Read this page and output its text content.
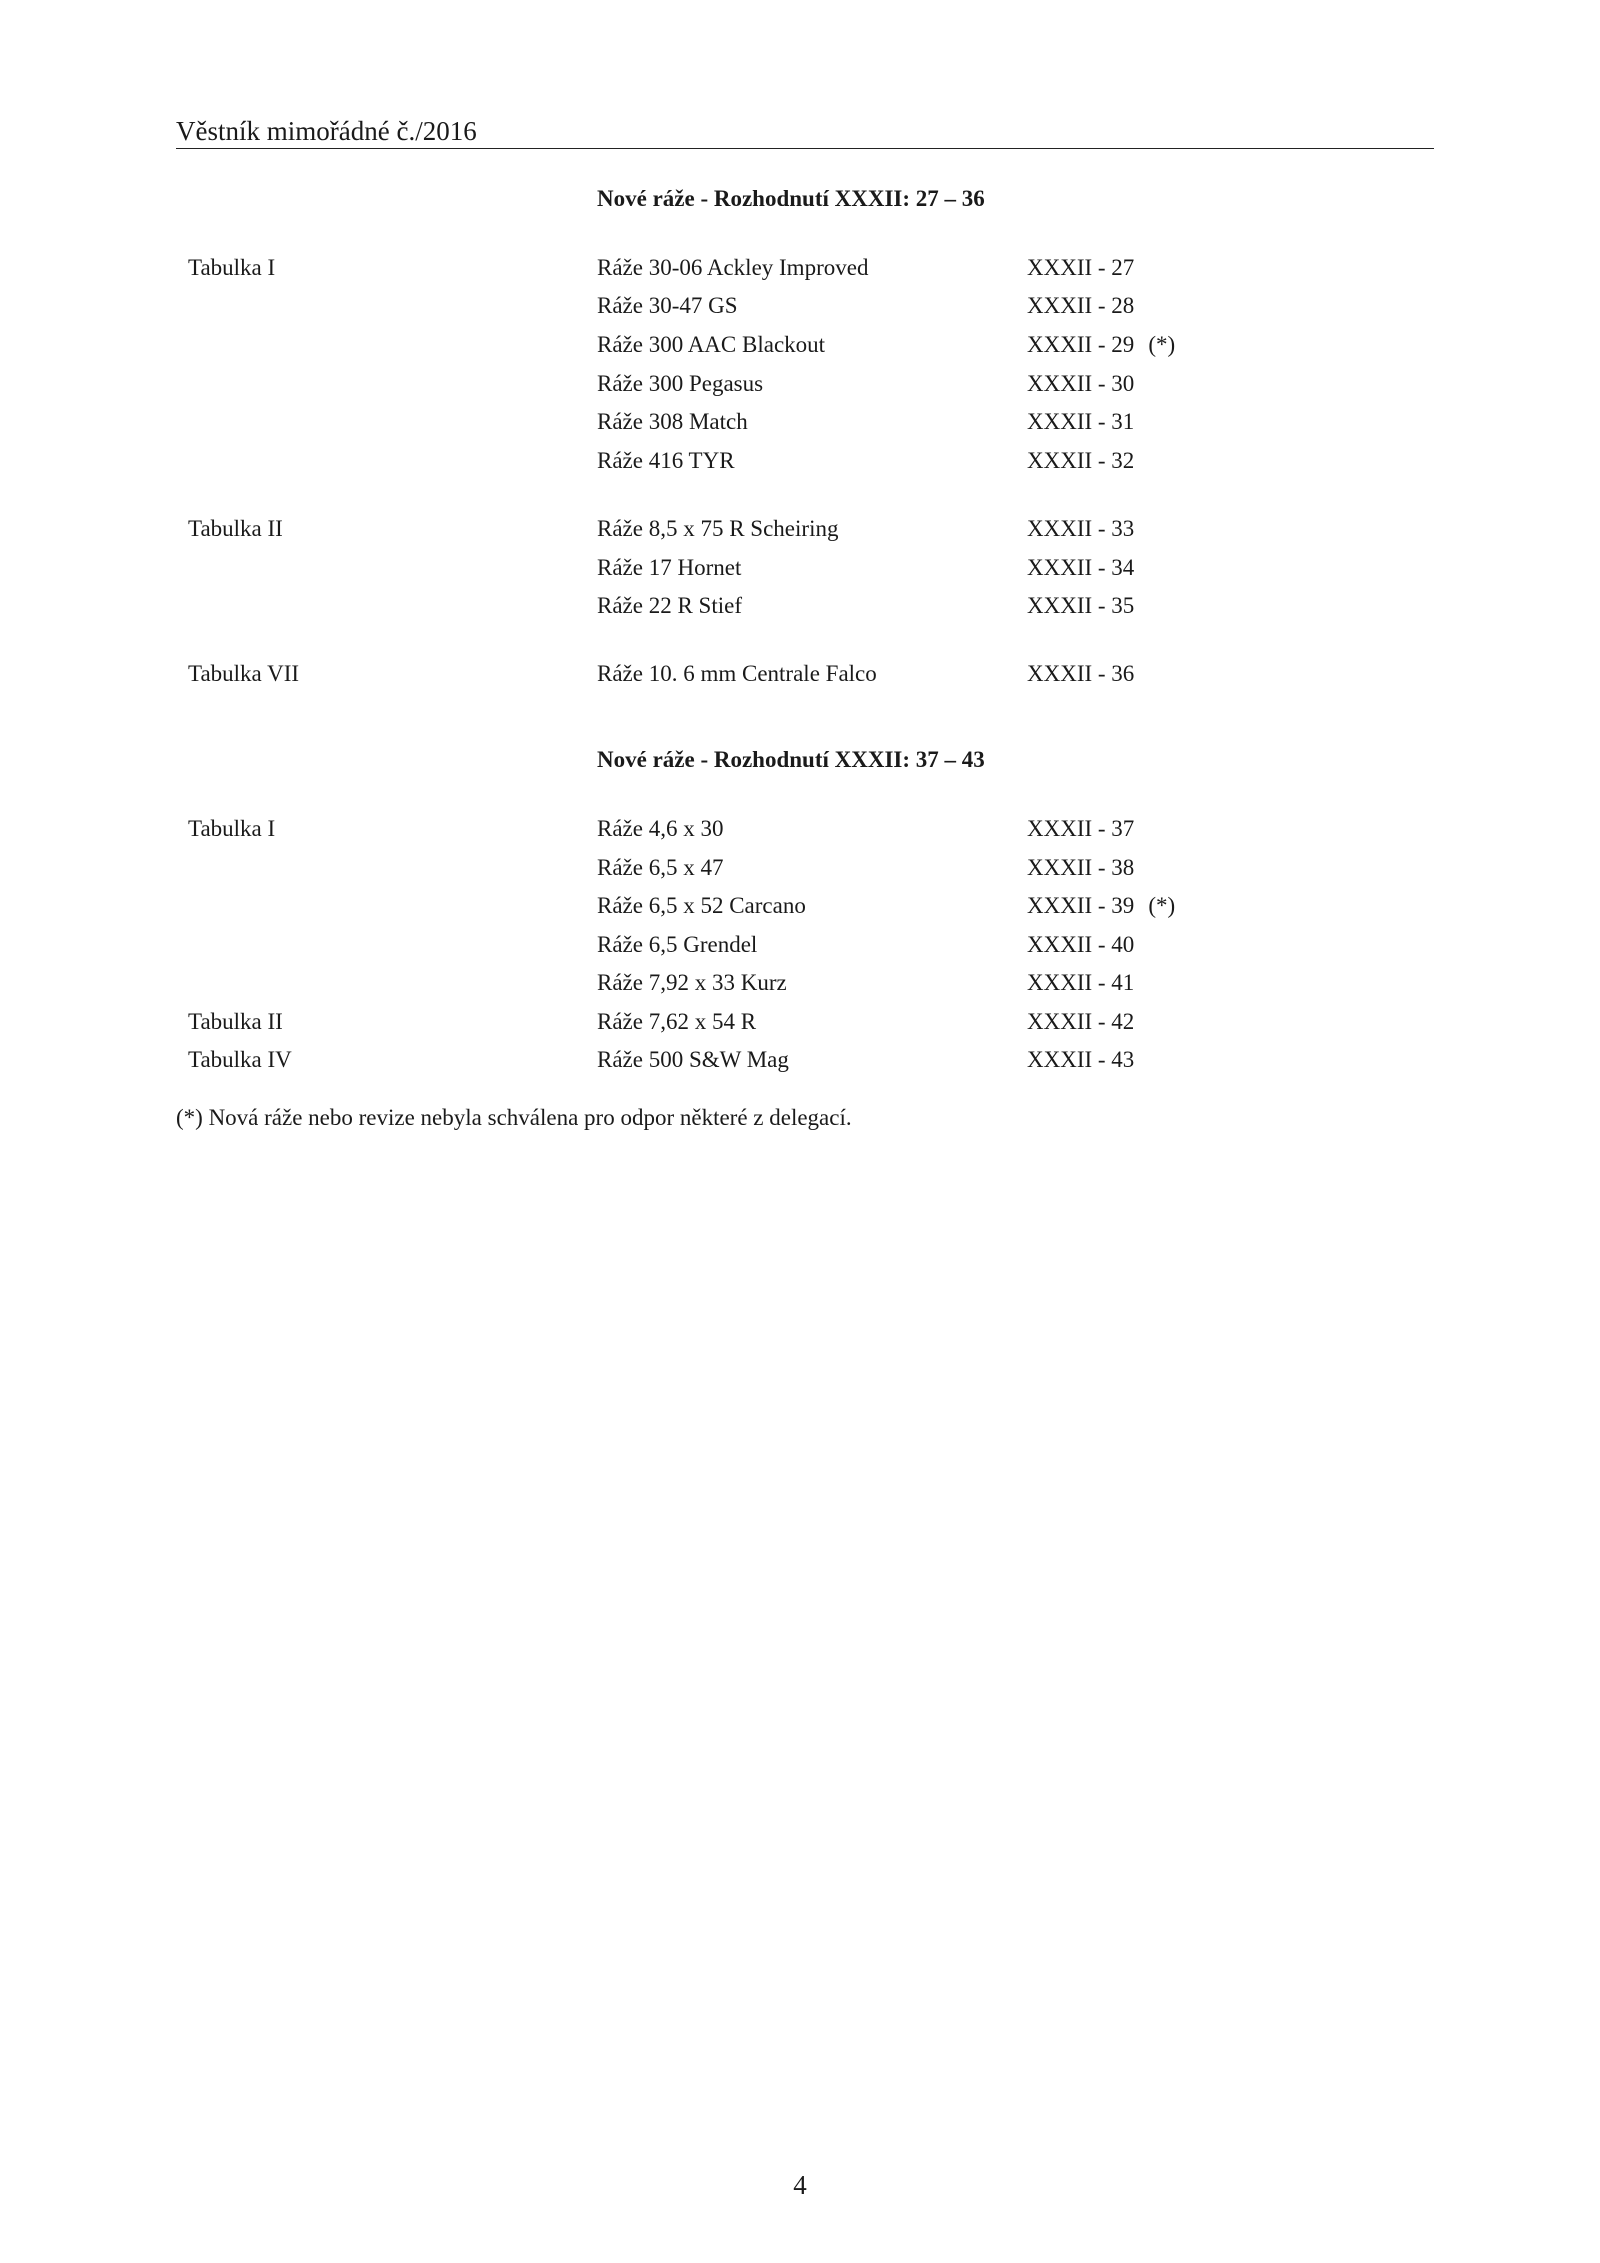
Věstník mimořádné č./2016
Nové ráže - Rozhodnutí XXXII: 27 – 36
Tabulka I	Ráže 30-06 Ackley Improved	XXXII - 27
Ráže 30-47 GS	XXXII - 28
Ráže 300 AAC Blackout	XXXII - 29 (*)
Ráže 300 Pegasus	XXXII - 30
Ráže 308 Match	XXXII - 31
Ráže 416 TYR	XXXII - 32
Tabulka II	Ráže 8,5 x 75 R Scheiring	XXXII - 33
Ráže 17 Hornet	XXXII - 34
Ráže 22 R Stief	XXXII - 35
Tabulka VII	Ráže 10. 6 mm Centrale Falco	XXXII - 36
Nové ráže - Rozhodnutí XXXII: 37 – 43
Tabulka I	Ráže 4,6 x 30	XXXII - 37
Ráže 6,5 x 47	XXXII - 38
Ráže 6,5 x 52 Carcano	XXXII - 39 (*)
Ráže 6,5 Grendel	XXXII - 40
Ráže 7,92 x 33 Kurz	XXXII - 41
Tabulka II	Ráže 7,62 x 54 R	XXXII - 42
Tabulka IV	Ráže 500 S&W Mag	XXXII - 43
(*) Nová ráže nebo revize nebyla schválena pro odpor některé z delegací.
4
